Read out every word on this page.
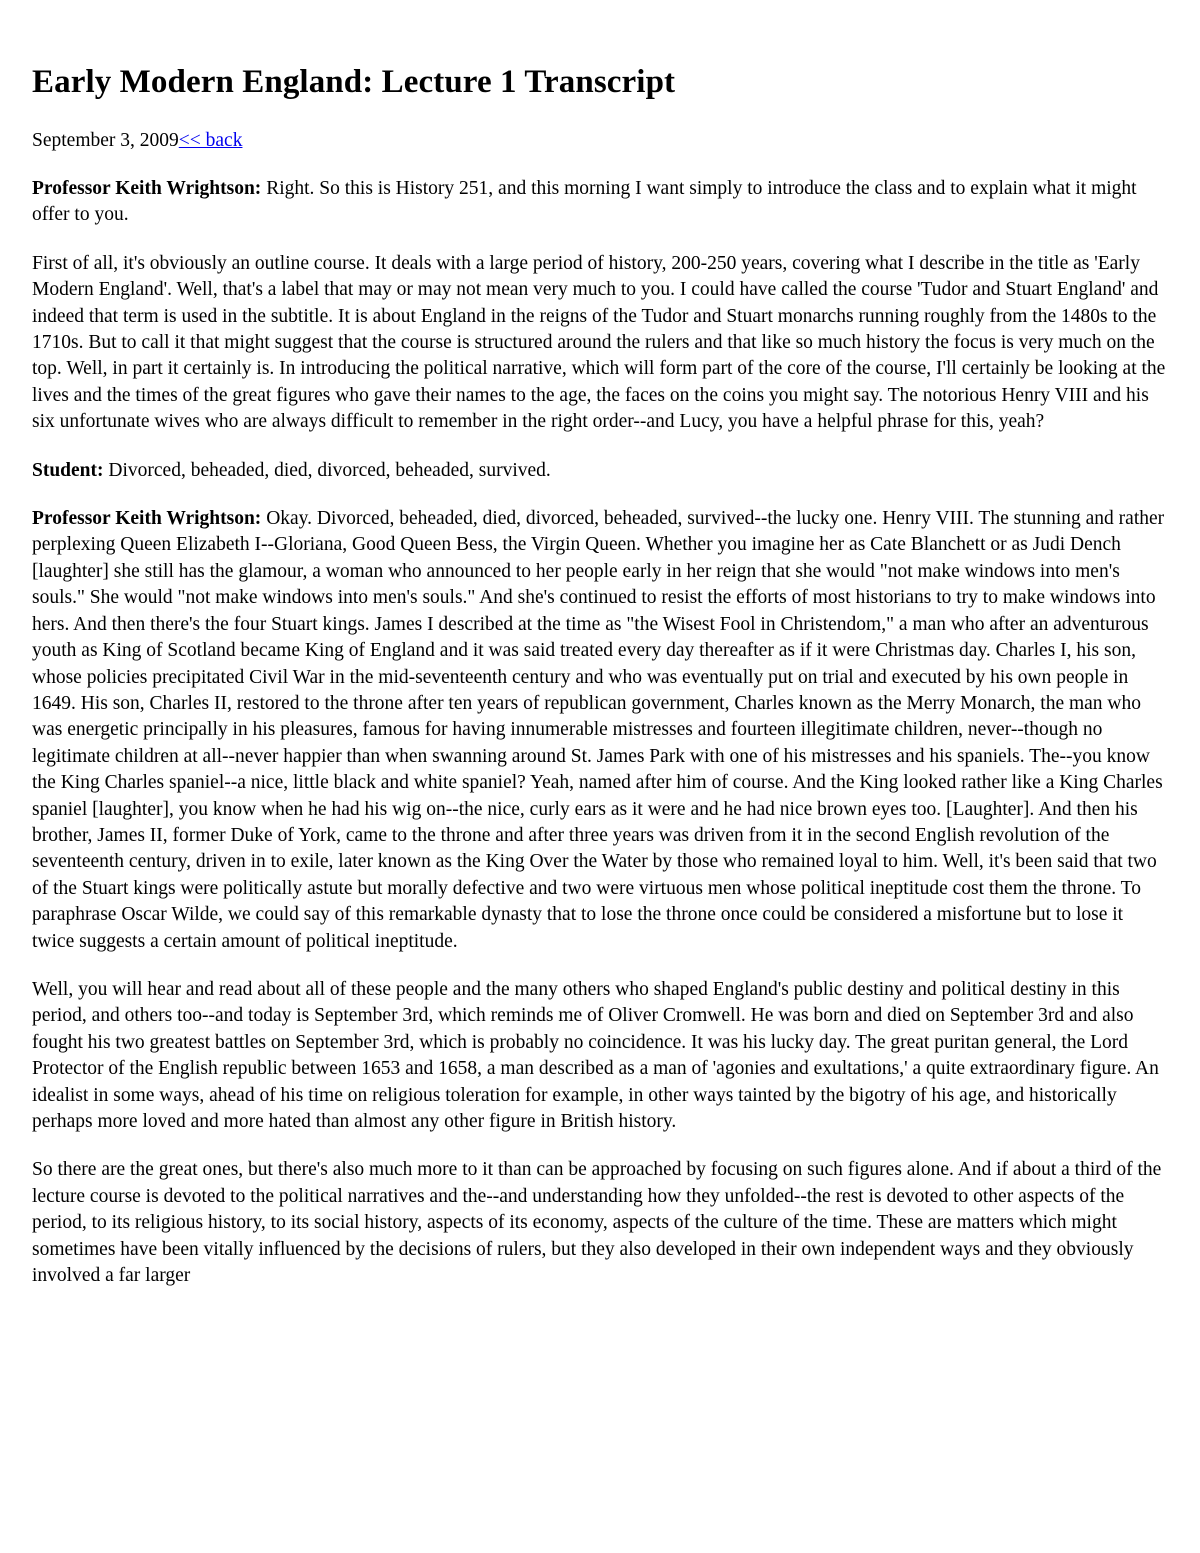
Early Modern England: Lecture 1 Transcript
September 3, 2009<< back

Professor Keith Wrightson: Right. So this is History 251, and this morning I want simply to introduce the class and to explain what it might offer to you.

First of all, it's obviously an outline course. It deals with a large period of history, 200-250 years, covering what I describe in the title as 'Early Modern England'. Well, that's a label that may or may not mean very much to you. I could have called the course 'Tudor and Stuart England' and indeed that term is used in the subtitle. It is about England in the reigns of the Tudor and Stuart monarchs running roughly from the 1480s to the 1710s. But to call it that might suggest that the course is structured around the rulers and that like so much history the focus is very much on the top. Well, in part it certainly is. In introducing the political narrative, which will form part of the core of the course, I'll certainly be looking at the lives and the times of the great figures who gave their names to the age, the faces on the coins you might say. The notorious Henry VIII and his six unfortunate wives who are always difficult to remember in the right order--and Lucy, you have a helpful phrase for this, yeah?

Student: Divorced, beheaded, died, divorced, beheaded, survived.

Professor Keith Wrightson: Okay. Divorced, beheaded, died, divorced, beheaded, survived--the lucky one. Henry VIII. The stunning and rather perplexing Queen Elizabeth I--Gloriana, Good Queen Bess, the Virgin Queen. Whether you imagine her as Cate Blanchett or as Judi Dench [laughter] she still has the glamour, a woman who announced to her people early in her reign that she would "not make windows into men's souls." She would "not make windows into men's souls." And she's continued to resist the efforts of most historians to try to make windows into hers. And then there's the four Stuart kings. James I described at the time as "the Wisest Fool in Christendom," a man who after an adventurous youth as King of Scotland became King of England and it was said treated every day thereafter as if it were Christmas day. Charles I, his son, whose policies precipitated Civil War in the mid-seventeenth century and who was eventually put on trial and executed by his own people in 1649. His son, Charles II, restored to the throne after ten years of republican government, Charles known as the Merry Monarch, the man who was energetic principally in his pleasures, famous for having innumerable mistresses and fourteen illegitimate children, never--though no legitimate children at all--never happier than when swanning around St. James Park with one of his mistresses and his spaniels. The--you know the King Charles spaniel--a nice, little black and white spaniel? Yeah, named after him of course. And the King looked rather like a King Charles spaniel [laughter], you know when he had his wig on--the nice, curly ears as it were and he had nice brown eyes too. [Laughter]. And then his brother, James II, former Duke of York, came to the throne and after three years was driven from it in the second English revolution of the seventeenth century, driven in to exile, later known as the King Over the Water by those who remained loyal to him. Well, it's been said that two of the Stuart kings were politically astute but morally defective and two were virtuous men whose political ineptitude cost them the throne. To paraphrase Oscar Wilde, we could say of this remarkable dynasty that to lose the throne once could be considered a misfortune but to lose it twice suggests a certain amount of political ineptitude.

Well, you will hear and read about all of these people and the many others who shaped England's public destiny and political destiny in this period, and others too--and today is September 3rd, which reminds me of Oliver Cromwell. He was born and died on September 3rd and also fought his two greatest battles on September 3rd, which is probably no coincidence. It was his lucky day. The great puritan general, the Lord Protector of the English republic between 1653 and 1658, a man described as a man of 'agonies and exultations,' a quite extraordinary figure. An idealist in some ways, ahead of his time on religious toleration for example, in other ways tainted by the bigotry of his age, and historically perhaps more loved and more hated than almost any other figure in British history.

So there are the great ones, but there's also much more to it than can be approached by focusing on such figures alone. And if about a third of the lecture course is devoted to the political narratives and the--and understanding how they unfolded--the rest is devoted to other aspects of the period, to its religious history, to its social history, aspects of its economy, aspects of the culture of the time. These are matters which might sometimes have been vitally influenced by the decisions of rulers, but they also developed in their own independent ways and they obviously involved a far larger
